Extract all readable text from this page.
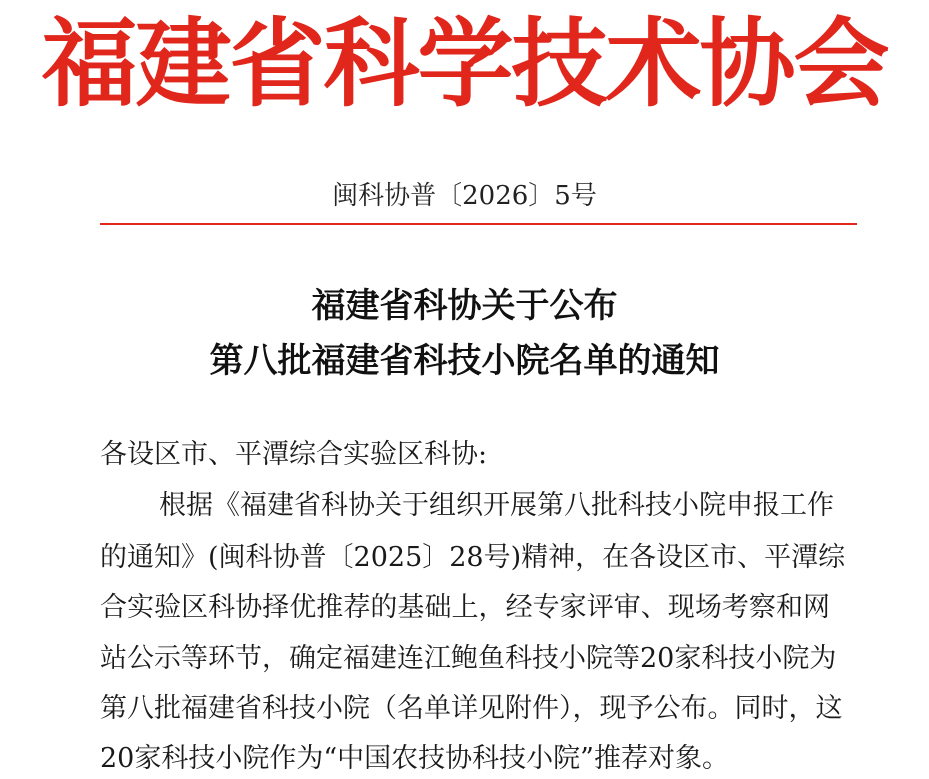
福建省科学技术协会
闽科协普〔2026〕5号
福建省科协关于公布
第八批福建省科技小院名单的通知
各设区市、平潭综合实验区科协:
根据《福建省科协关于组织开展第八批科技小院申报工作
的通知》(闽科协普〔2025〕28号)精神，在各设区市、平潭综
合实验区科协择优推荐的基础上，经专家评审、现场考察和网
站公示等环节，确定福建连江鲍鱼科技小院等20家科技小院为
第八批福建省科技小院（名单详见附件），现予公布。同时，这
20家科技小院作为“中国农技协科技小院”推荐对象。
